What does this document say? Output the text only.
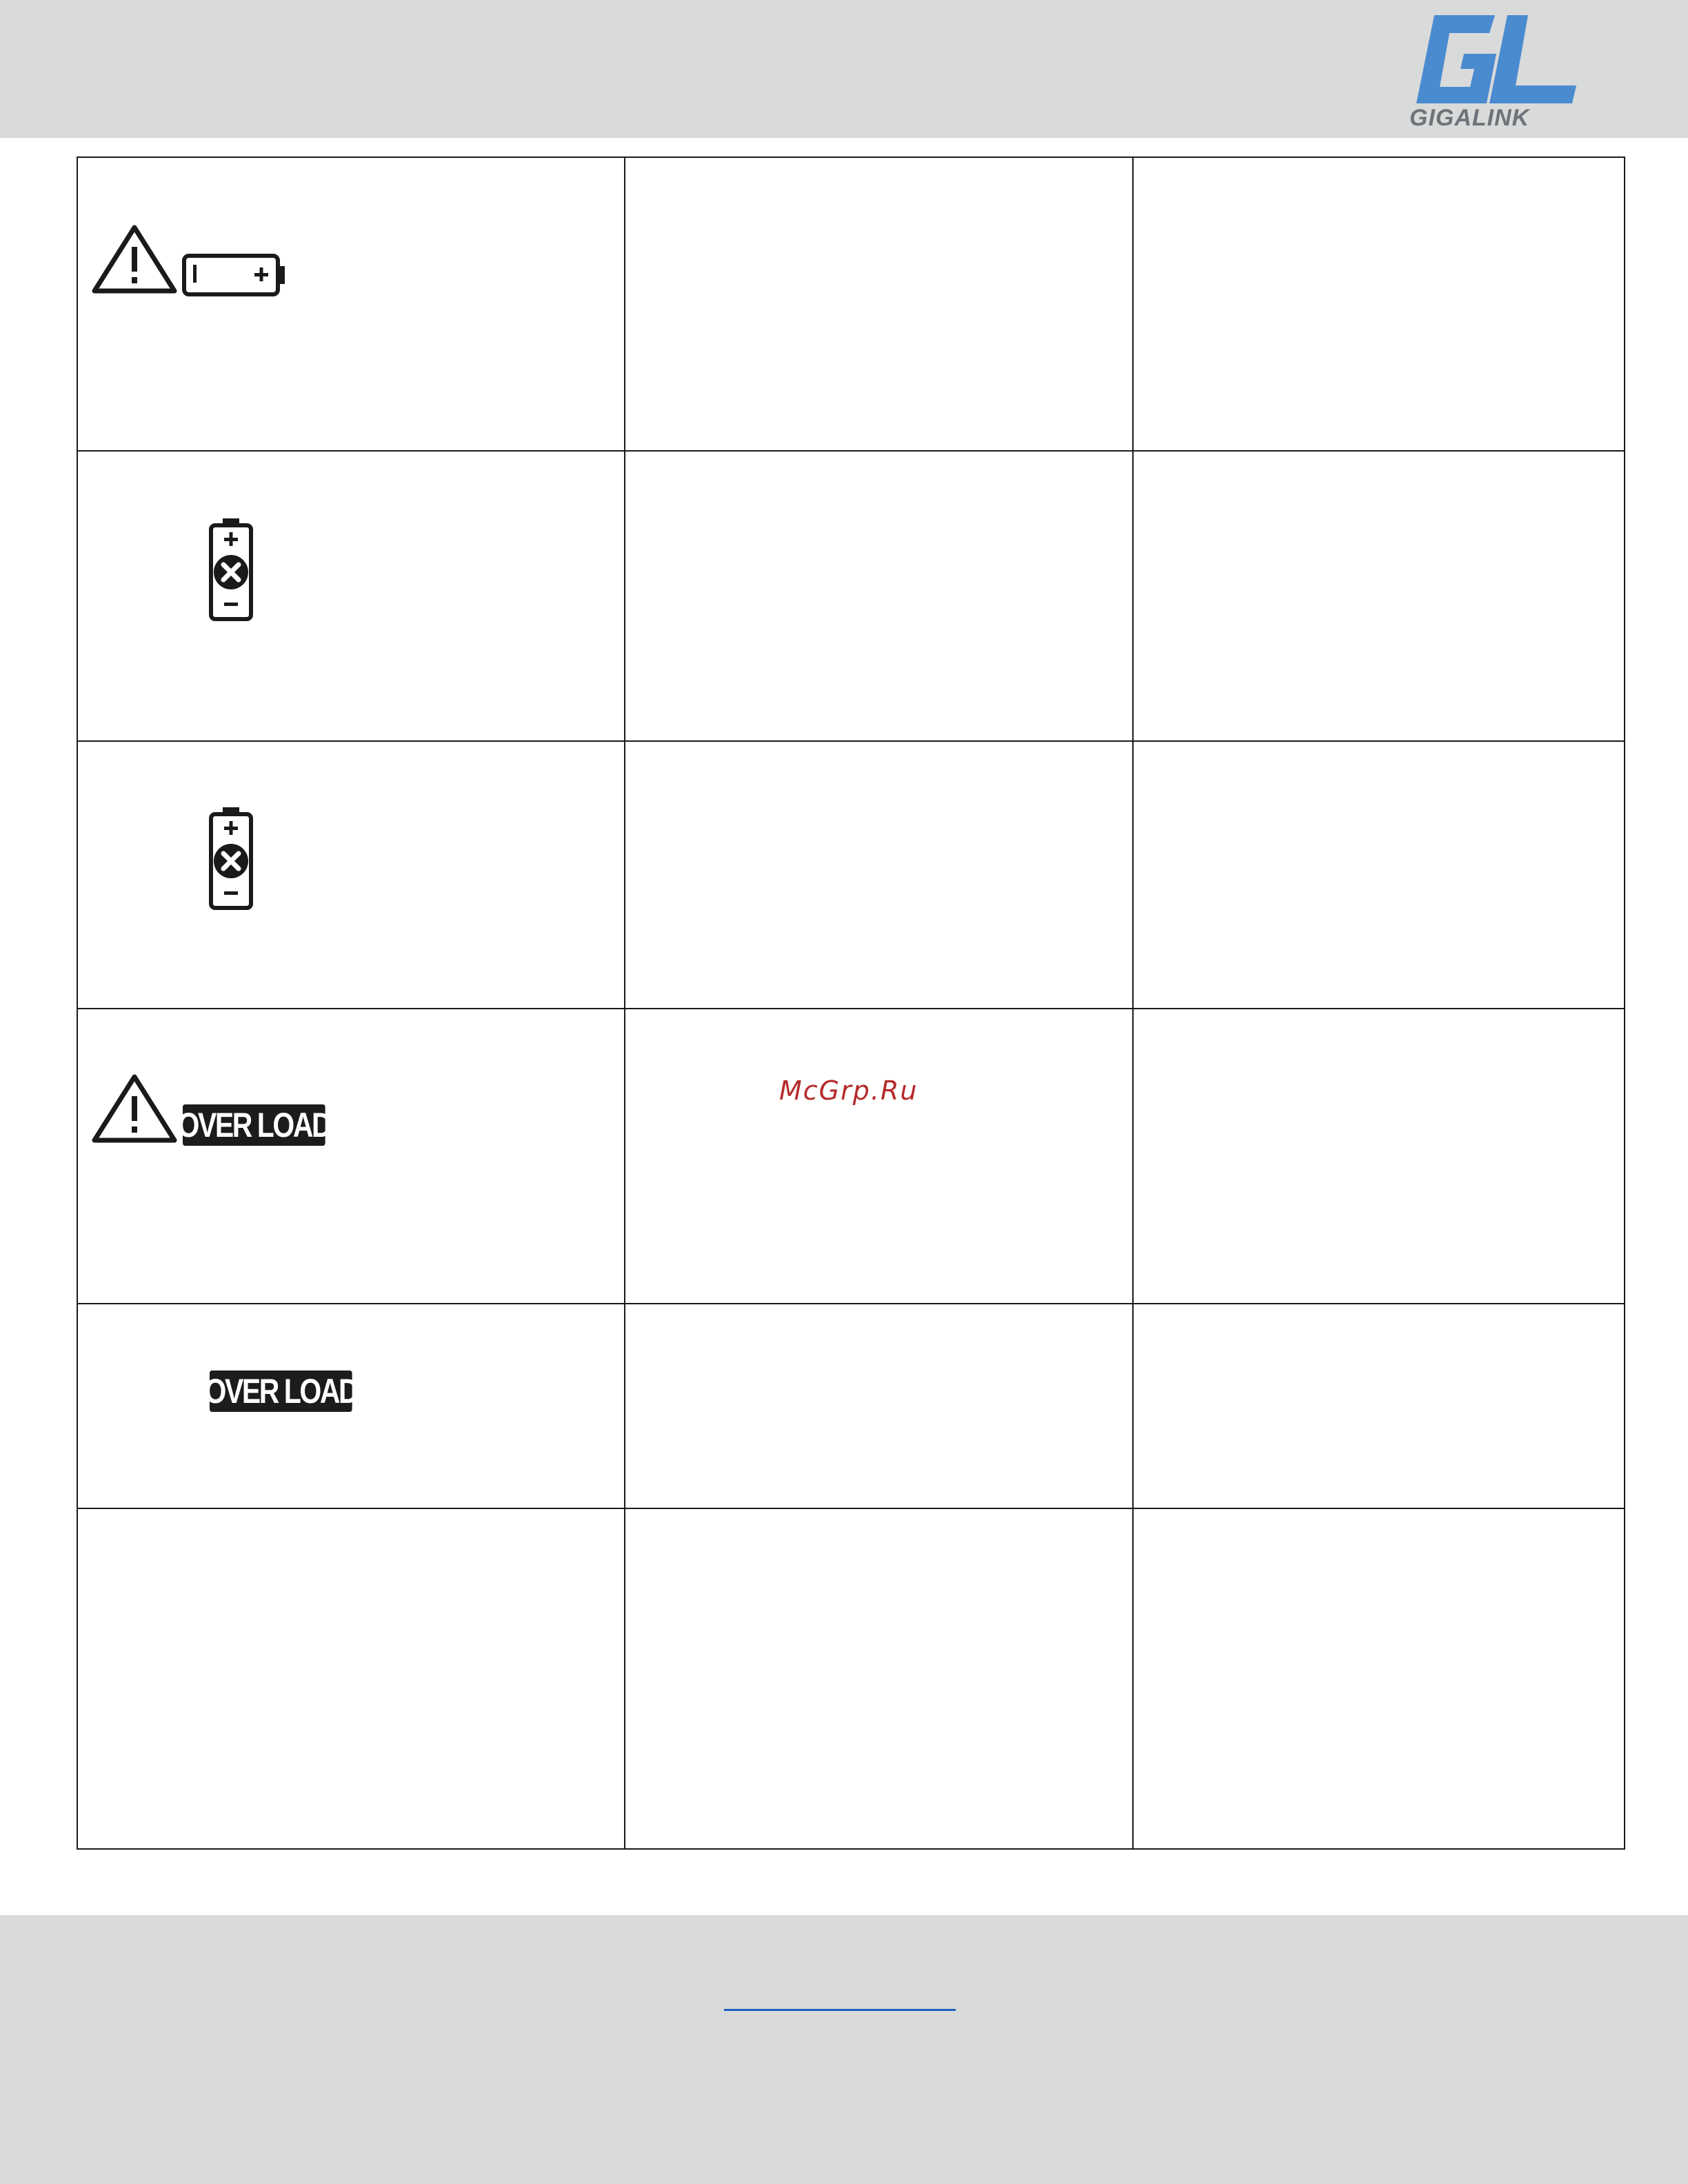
GIGALINK

OVER LOAD		

OVER LOAD		

McGrp.Ru
